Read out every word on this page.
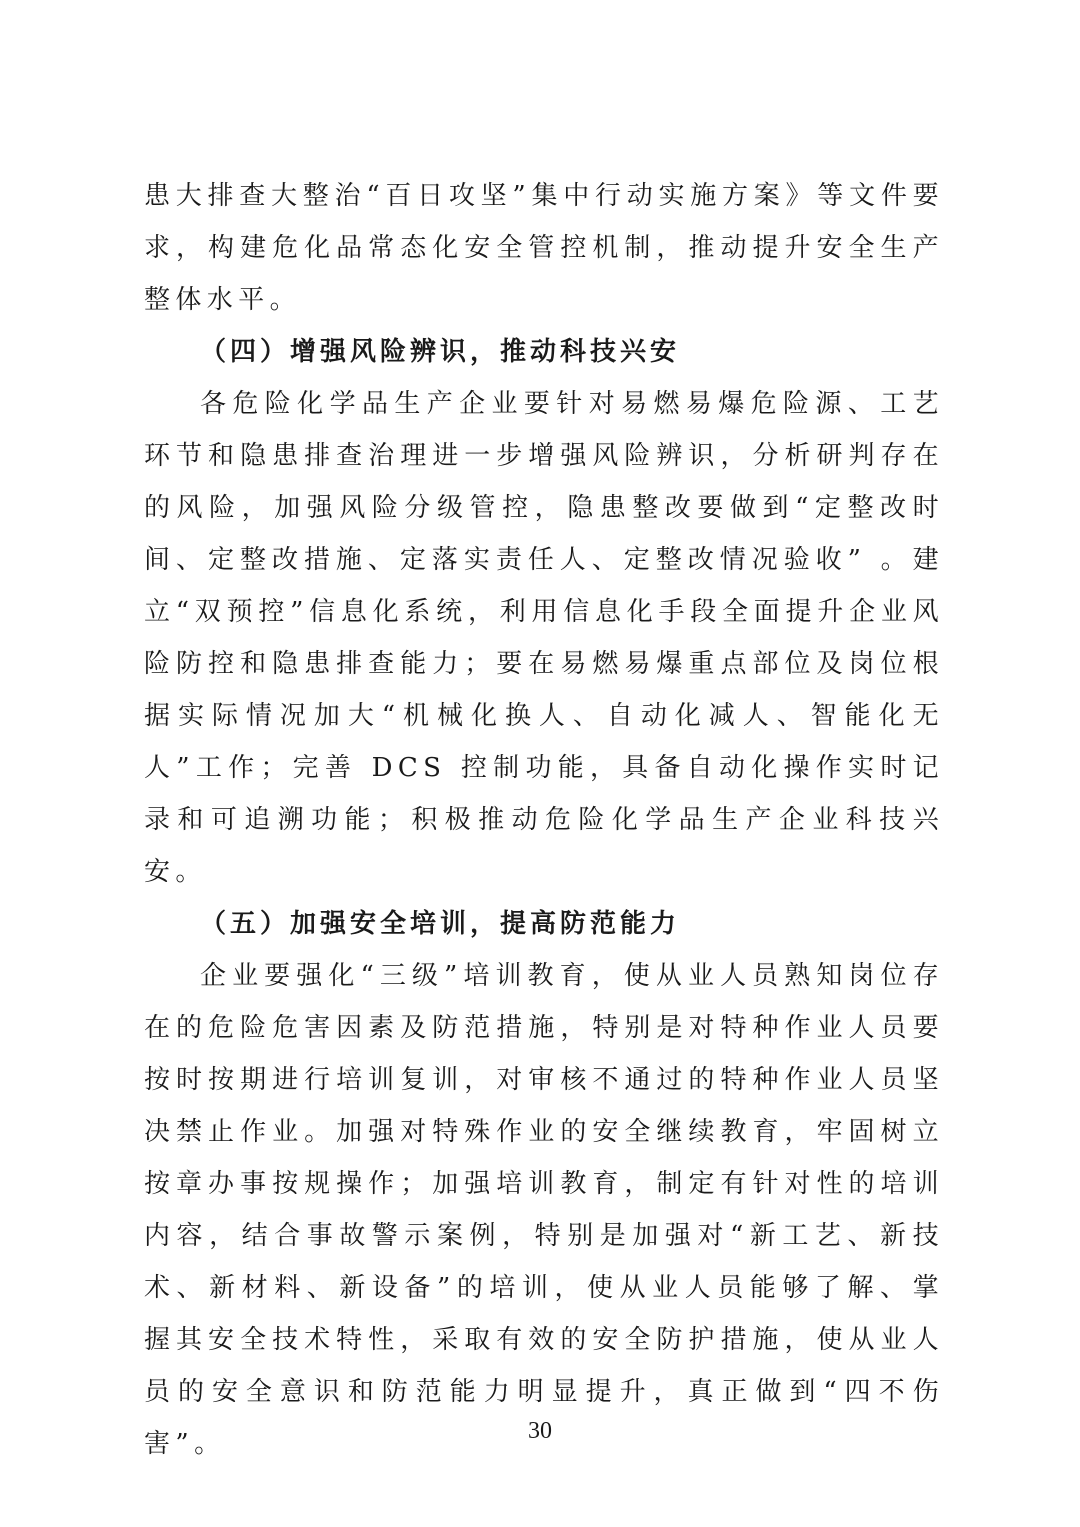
患大排查大整治“百日攻坚”集中行动实施方案》等文件要求，构建危化品常态化安全管控机制，推动提升安全生产整体水平。

（四）增强风险辨识，推动科技兴安

各危险化学品生产企业要针对易燃易爆危险源、工艺环节和隐患排查治理进一步增强风险辨识，分析研判存在的风险，加强风险分级管控，隐患整改要做到“定整改时间、定整改措施、定落实责任人、定整改情况验收” 。建立“双预控”信息化系统，利用信息化手段全面提升企业风险防控和隐患排查能力；要在易燃易爆重点部位及岗位根据实际情况加大“机械化换人、自动化减人、智能化无人”工作；完善 DCS 控制功能，具备自动化操作实时记录和可追溯功能；积极推动危险化学品生产企业科技兴安。

（五）加强安全培训，提高防范能力

企业要强化“三级”培训教育，使从业人员熟知岗位存在的危险危害因素及防范措施，特别是对特种作业人员要按时按期进行培训复训，对审核不通过的特种作业人员坚决禁止作业。加强对特殊作业的安全继续教育，牢固树立按章办事按规操作；加强培训教育，制定有针对性的培训内容，结合事故警示案例，特别是加强对“新工艺、新技术、新材料、新设备”的培训，使从业人员能够了解、掌握其安全技术特性，采取有效的安全防护措施，使从业人员的安全意识和防范能力明显提升，真正做到“四不伤害”。	30
